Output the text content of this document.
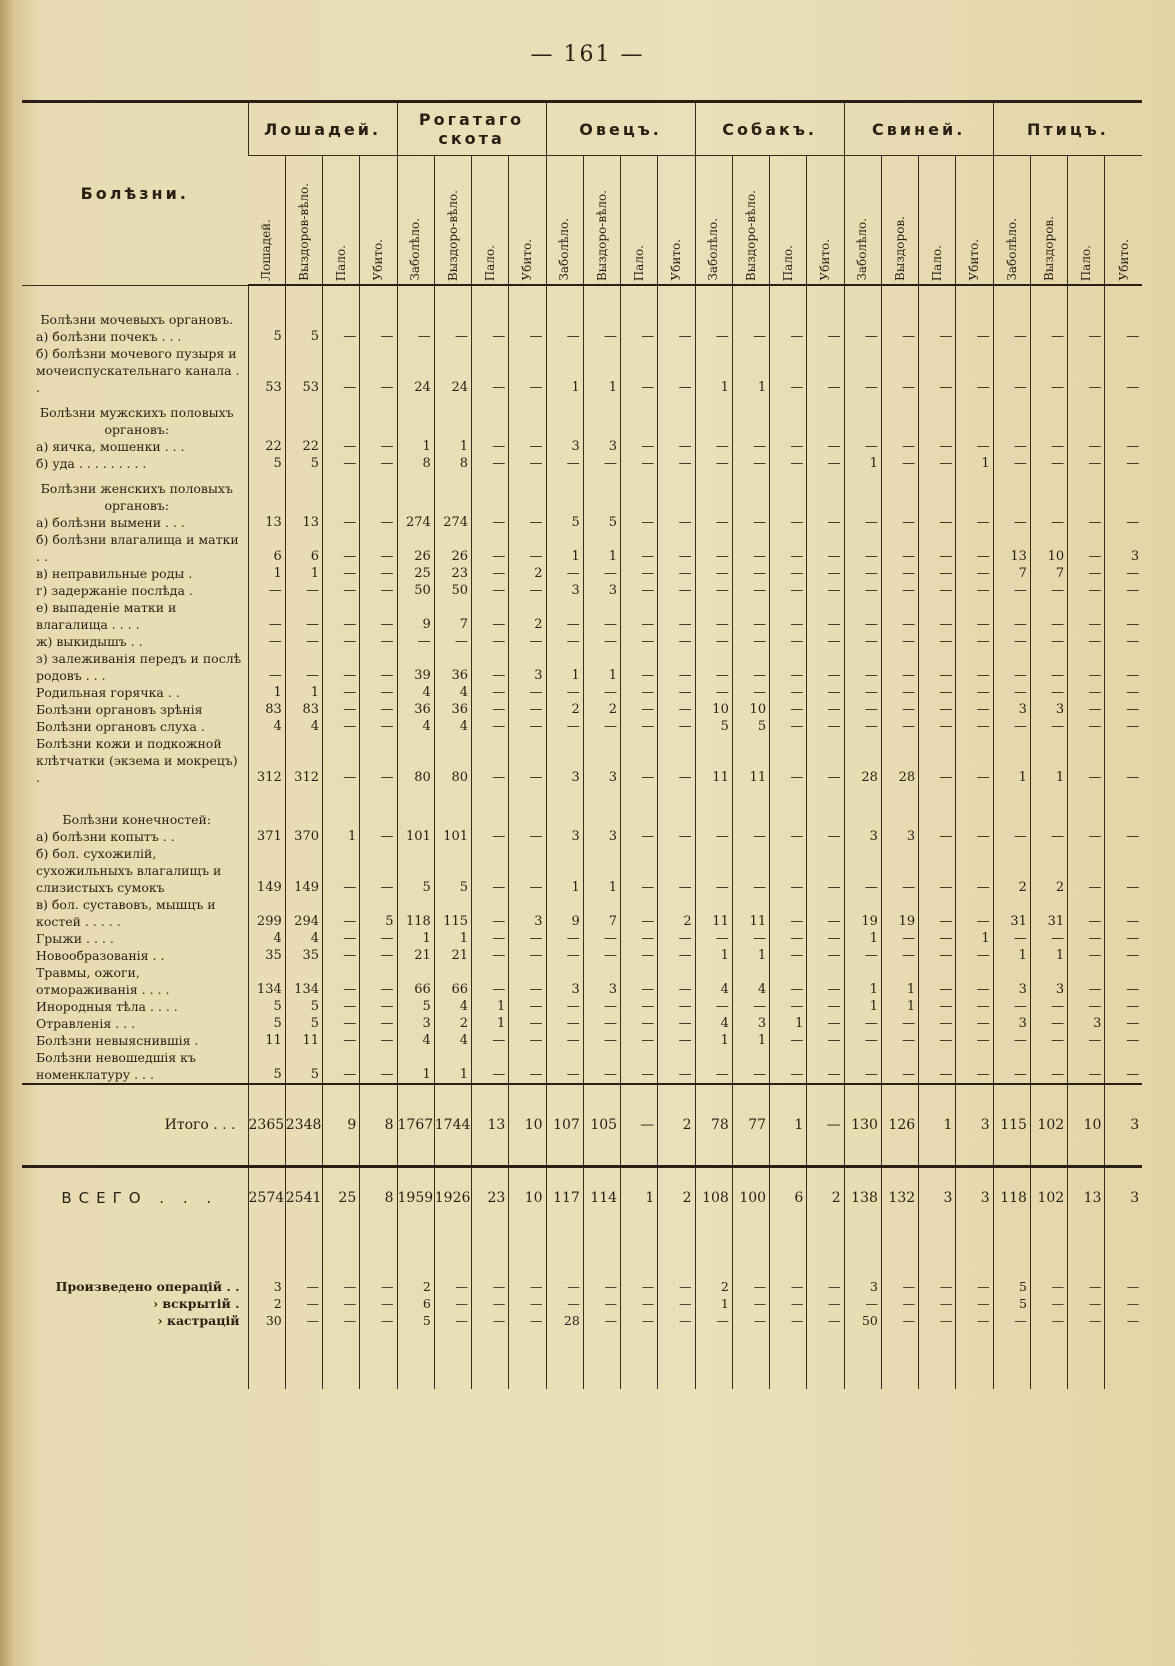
— 161 —
Болѣзни.	Лошадей.				Рогатаго скота				Овецъ.				Собакъ.				Свиней.				Птицъ.			
	Лошадей.	Выздоров-вѣло.	Пало.	Убито.	Заболѣло.	Выздоро-вѣло.	Пало.	Убито.	Заболѣло.	Выздоро-вѣло.	Пало.	Убито.	Заболѣло.	Выздоро-вѣло.	Пало.	Убито.	Заболѣло.	Выздоров.	Пало.	Убито.	Заболѣло.	Выздоров.	Пало.	Убито.
Болѣзни мочевыхъ органовъ.																								
а) болѣзни почекъ . . .	5	5	—	—	—	—	—	—	—	—	—	—	—	—	—	—	—	—	—	—	—	—	—	—
б) болѣзни мочевого пузыря и мочеиспускательнаго канала . .	53	53	—	—	24	24	—	—	1	1	—	—	1	1	—	—	—	—	—	—	—	—	—	—
Болѣзни мужскихъ половыхъ органовъ:																								
а) яичка, мошенки . . .	22	22	—	—	1	1	—	—	3	3	—	—	—	—	—	—	—	—	—	—	—	—	—	—
б) уда . . . . . . . . .	5	5	—	—	8	8	—	—	—	—	—	—	—	—	—	—	1	—	—	1	—	—	—	—
Болѣзни женскихъ половыхъ органовъ:																								
а) болѣзни вымени . . .	13	13	—	—	274	274	—	—	5	5	—	—	—	—	—	—	—	—	—	—	—	—	—	—
б) болѣзни влагалища и матки . .	6	6	—	—	26	26	—	—	1	1	—	—	—	—	—	—	—	—	—	—	13	10	—	3
в) неправильные роды .	1	1	—	—	25	23	—	2	—	—	—	—	—	—	—	—	—	—	—	—	7	7	—	—
г) задержаніе послѣда .	—	—	—	—	50	50	—	—	3	3	—	—	—	—	—	—	—	—	—	—	—	—	—	—
е) выпаденіе матки и влагалища . . . .	—	—	—	—	9	7	—	2	—	—	—	—	—	—	—	—	—	—	—	—	—	—	—	—
ж) выкидышъ . .	—	—	—	—	—	—	—	—	—	—	—	—	—	—	—	—	—	—	—	—	—	—	—	—
з) залеживанія передъ и послѣ родовъ . . .	—	—	—	—	39	36	—	3	1	1	—	—	—	—	—	—	—	—	—	—	—	—	—	—
Родильная горячка . .	1	1	—	—	4	4	—	—	—	—	—	—	—	—	—	—	—	—	—	—	—	—	—	—
Болѣзни органовъ зрѣнія	83	83	—	—	36	36	—	—	2	2	—	—	10	10	—	—	—	—	—	—	3	3	—	—
Болѣзни органовъ слуха .	4	4	—	—	4	4	—	—	—	—	—	—	5	5	—	—	—	—	—	—	—	—	—	—
Болѣзни кожи и подкожной клѣтчатки (экзема и мокрецъ) .	312	312	—	—	80	80	—	—	3	3	—	—	11	11	—	—	28	28	—	—	1	1	—	—
Болѣзни конечностей:																								
а) болѣзни копытъ . .	371	370	1	—	101	101	—	—	3	3	—	—	—	—	—	—	3	3	—	—	—	—	—	—
б) бол. сухожилій, сухожильныхъ влагалищъ и слизистыхъ сумокъ	149	149	—	—	5	5	—	—	1	1	—	—	—	—	—	—	—	—	—	—	2	2	—	—
в) бол. суставовъ, мышцъ и костей . . . . .	299	294	—	5	118	115	—	3	9	7	—	2	11	11	—	—	19	19	—	—	31	31	—	—
Грыжи . . . .	4	4	—	—	1	1	—	—	—	—	—	—	—	—	—	—	1	—	—	1	—	—	—	—
Новообразованія . .	35	35	—	—	21	21	—	—	—	—	—	—	1	1	—	—	—	—	—	—	1	1	—	—
Травмы, ожоги, отмораживанія . . . .	134	134	—	—	66	66	—	—	3	3	—	—	4	4	—	—	1	1	—	—	3	3	—	—
Инородныя тѣла . . . .	5	5	—	—	5	4	1	—	—	—	—	—	—	—	—	—	1	1	—	—	—	—	—	—
Отравленія . . .	5	5	—	—	3	2	1	—	—	—	—	—	4	3	1	—	—	—	—	—	3	—	3	—
Болѣзни невыяснившія .	11	11	—	—	4	4	—	—	—	—	—	—	1	1	—	—	—	—	—	—	—	—	—	—
Болѣзни невошедшія къ номенклатуру . . .	5	5	—	—	1	1	—	—	—	—	—	—	—	—	—	—	—	—	—	—	—	—	—	—
Итого . . .	2365	2348	9	8	1767	1744	13	10	107	105	—	2	78	77	1	—	130	126	1	3	115	102	10	3
ВСЕГО . . .	2574	2541	25	8	1959	1926	23	10	117	114	1	2	108	100	6	2	138	132	3	3	118	102	13	3

Произведено операцій . .	3	—	—	—	2	—	—	—	—	—	—	—	2	—	—	—	3	—	—	—	5	—	—	—
› вскрытій .	2	—	—	—	6	—	—	—	—	—	—	—	1	—	—	—	—	—	—	—	5	—	—	—
› кастрацій	30	—	—	—	5	—	—	—	28	—	—	—	—	—	—	—	50	—	—	—	—	—	—	—
